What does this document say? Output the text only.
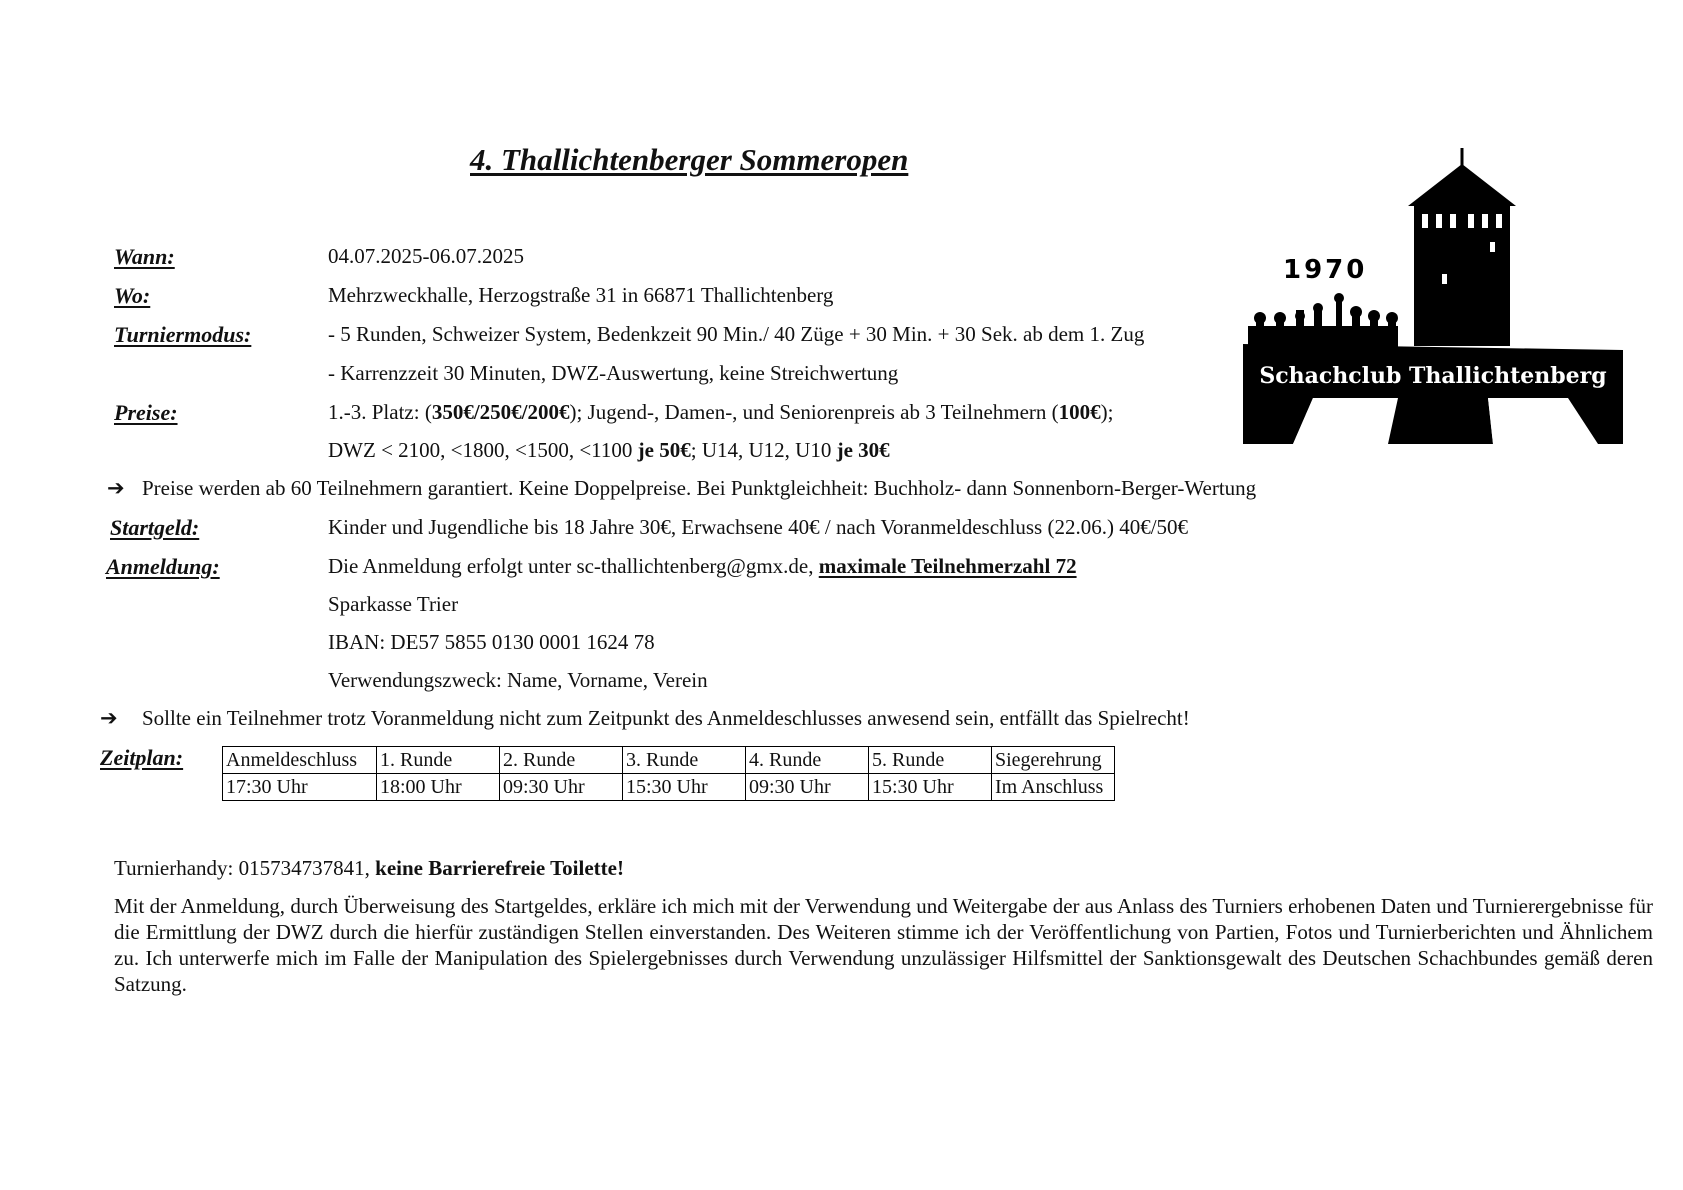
4. Thallichtenberger Sommeropen
1970
Schachclub Thallichtenberg
Wann:	04.07.2025-06.07.2025
Wo:	Mehrzweckhalle, Herzogstraße 31 in 66871 Thallichtenberg
Turniermodus:	- 5 Runden, Schweizer System, Bedenkzeit 90 Min./ 40 Züge + 30 Min. + 30 Sek. ab dem 1. Zug
- Karrenzzeit 30 Minuten, DWZ-Auswertung, keine Streichwertung
Preise:	1.-3. Platz: (350€/250€/200€); Jugend-, Damen-, und Seniorenpreis ab 3 Teilnehmern (100€);
DWZ < 2100, <1800, <1500, <1100 je 50€; U14, U12, U10 je 30€
➔ Preise werden ab 60 Teilnehmern garantiert. Keine Doppelpreise. Bei Punktgleichheit: Buchholz- dann Sonnenborn-Berger-Wertung
Startgeld:	Kinder und Jugendliche bis 18 Jahre 30€, Erwachsene 40€ / nach Voranmeldeschluss (22.06.) 40€/50€
Anmeldung:	Die Anmeldung erfolgt unter sc-thallichtenberg@gmx.de, maximale Teilnehmerzahl 72
Sparkasse Trier
IBAN: DE57 5855 0130 0001 1624 78
Verwendungszweck: Name, Vorname, Verein
➔ Sollte ein Teilnehmer trotz Voranmeldung nicht zum Zeitpunkt des Anmeldeschlusses anwesend sein, entfällt das Spielrecht!
Zeitplan: Anmeldeschluss	1. Runde	2. Runde	3. Runde	4. Runde	5. Runde	Siegerehrung
17:30 Uhr	18:00 Uhr	09:30 Uhr	15:30 Uhr	09:30 Uhr	15:30 Uhr	Im Anschluss
Turnierhandy: 015734737841, keine Barrierefreie Toilette!

Mit der Anmeldung, durch Überweisung des Startgeldes, erkläre ich mich mit der Verwendung und Weitergabe der aus Anlass des Turniers erhobenen Daten und Turnierergebnisse für die Ermittlung der DWZ durch die hierfür zuständigen Stellen einverstanden. Des Weiteren stimme ich der Veröffentlichung von Partien, Fotos und Turnierberichten und Ähnlichem zu. Ich unterwerfe mich im Falle der Manipulation des Spielergebnisses durch Verwendung unzulässiger Hilfsmittel der Sanktionsgewalt des Deutschen Schachbundes gemäß deren Satzung.
